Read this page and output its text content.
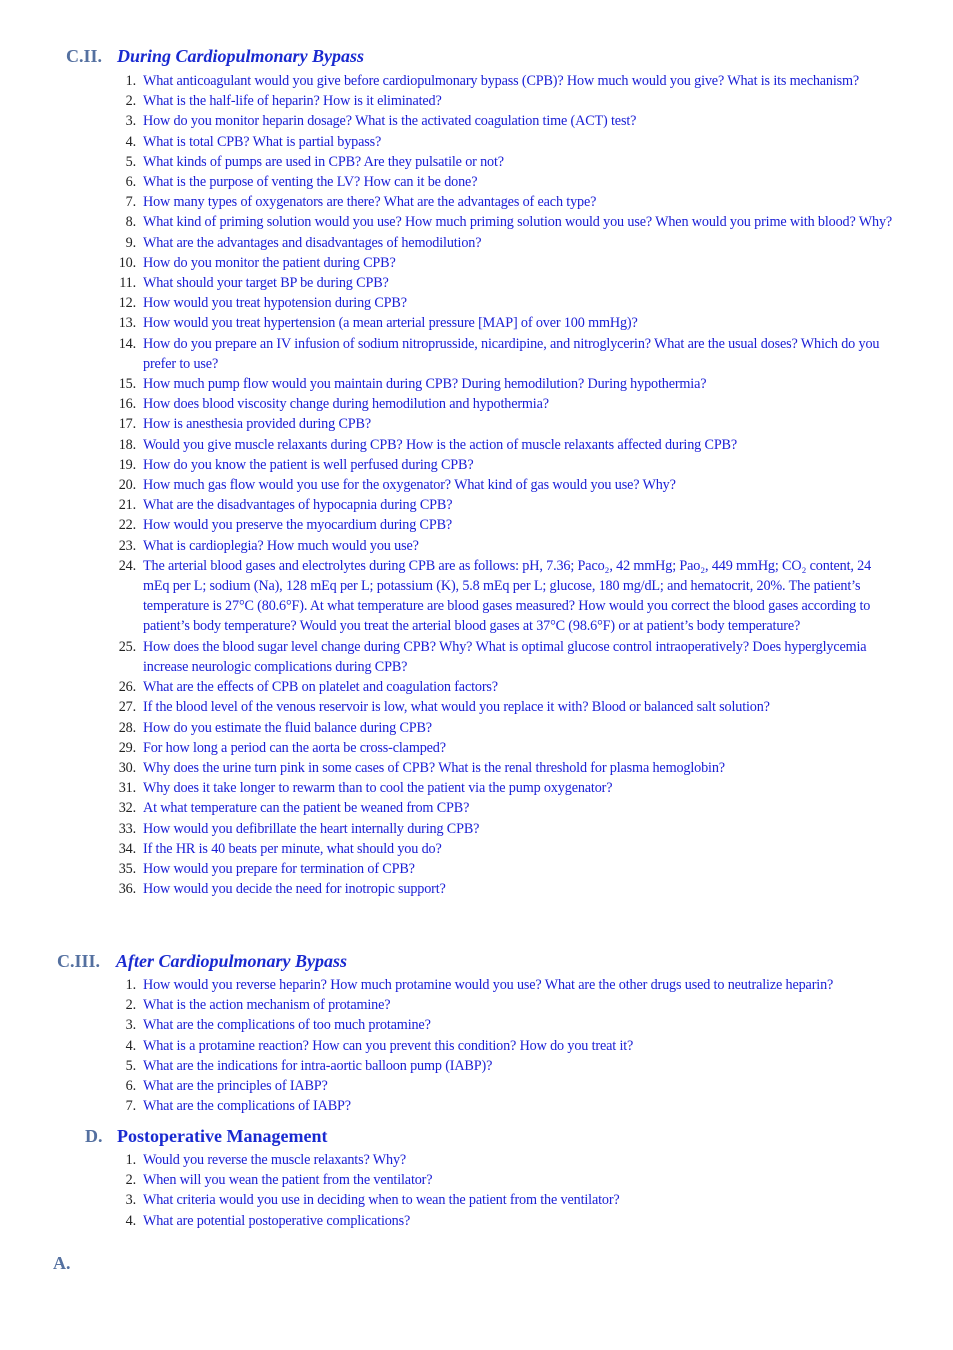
C.II. During Cardiopulmonary Bypass
1. What anticoagulant would you give before cardiopulmonary bypass (CPB)? How much would you give? What is its mechanism?
2. What is the half-life of heparin? How is it eliminated?
3. How do you monitor heparin dosage? What is the activated coagulation time (ACT) test?
4. What is total CPB? What is partial bypass?
5. What kinds of pumps are used in CPB? Are they pulsatile or not?
6. What is the purpose of venting the LV? How can it be done?
7. How many types of oxygenators are there? What are the advantages of each type?
8. What kind of priming solution would you use? How much priming solution would you use? When would you prime with blood? Why?
9. What are the advantages and disadvantages of hemodilution?
10. How do you monitor the patient during CPB?
11. What should your target BP be during CPB?
12. How would you treat hypotension during CPB?
13. How would you treat hypertension (a mean arterial pressure [MAP] of over 100 mmHg)?
14. How do you prepare an IV infusion of sodium nitroprusside, nicardipine, and nitroglycerin? What are the usual doses? Which do you prefer to use?
15. How much pump flow would you maintain during CPB? During hemodilution? During hypothermia?
16. How does blood viscosity change during hemodilution and hypothermia?
17. How is anesthesia provided during CPB?
18. Would you give muscle relaxants during CPB? How is the action of muscle relaxants affected during CPB?
19. How do you know the patient is well perfused during CPB?
20. How much gas flow would you use for the oxygenator? What kind of gas would you use? Why?
21. What are the disadvantages of hypocapnia during CPB?
22. How would you preserve the myocardium during CPB?
23. What is cardioplegia? How much would you use?
24. The arterial blood gases and electrolytes during CPB are as follows: pH, 7.36; Paco₂, 42 mmHg; Pao₂, 449 mmHg; CO₂ content, 24 mEq per L; sodium (Na), 128 mEq per L; potassium (K), 5.8 mEq per L; glucose, 180 mg/dL; and hematocrit, 20%. The patient’s temperature is 27°C (80.6°F). At what temperature are blood gases measured? How would you correct the blood gases according to patient’s body temperature? Would you treat the arterial blood gases at 37°C (98.6°F) or at patient’s body temperature?
25. How does the blood sugar level change during CPB? Why? What is optimal glucose control intraoperatively? Does hyperglycemia increase neurologic complications during CPB?
26. What are the effects of CPB on platelet and coagulation factors?
27. If the blood level of the venous reservoir is low, what would you replace it with? Blood or balanced salt solution?
28. How do you estimate the fluid balance during CPB?
29. For how long a period can the aorta be cross-clamped?
30. Why does the urine turn pink in some cases of CPB? What is the renal threshold for plasma hemoglobin?
31. Why does it take longer to rewarm than to cool the patient via the pump oxygenator?
32. At what temperature can the patient be weaned from CPB?
33. How would you defibrillate the heart internally during CPB?
34. If the HR is 40 beats per minute, what should you do?
35. How would you prepare for termination of CPB?
36. How would you decide the need for inotropic support?
C.III. After Cardiopulmonary Bypass
1. How would you reverse heparin? How much protamine would you use? What are the other drugs used to neutralize heparin?
2. What is the action mechanism of protamine?
3. What are the complications of too much protamine?
4. What is a protamine reaction? How can you prevent this condition? How do you treat it?
5. What are the indications for intra-aortic balloon pump (IABP)?
6. What are the principles of IABP?
7. What are the complications of IABP?
D. Postoperative Management
1. Would you reverse the muscle relaxants? Why?
2. When will you wean the patient from the ventilator?
3. What criteria would you use in deciding when to wean the patient from the ventilator?
4. What are potential postoperative complications?
A.
